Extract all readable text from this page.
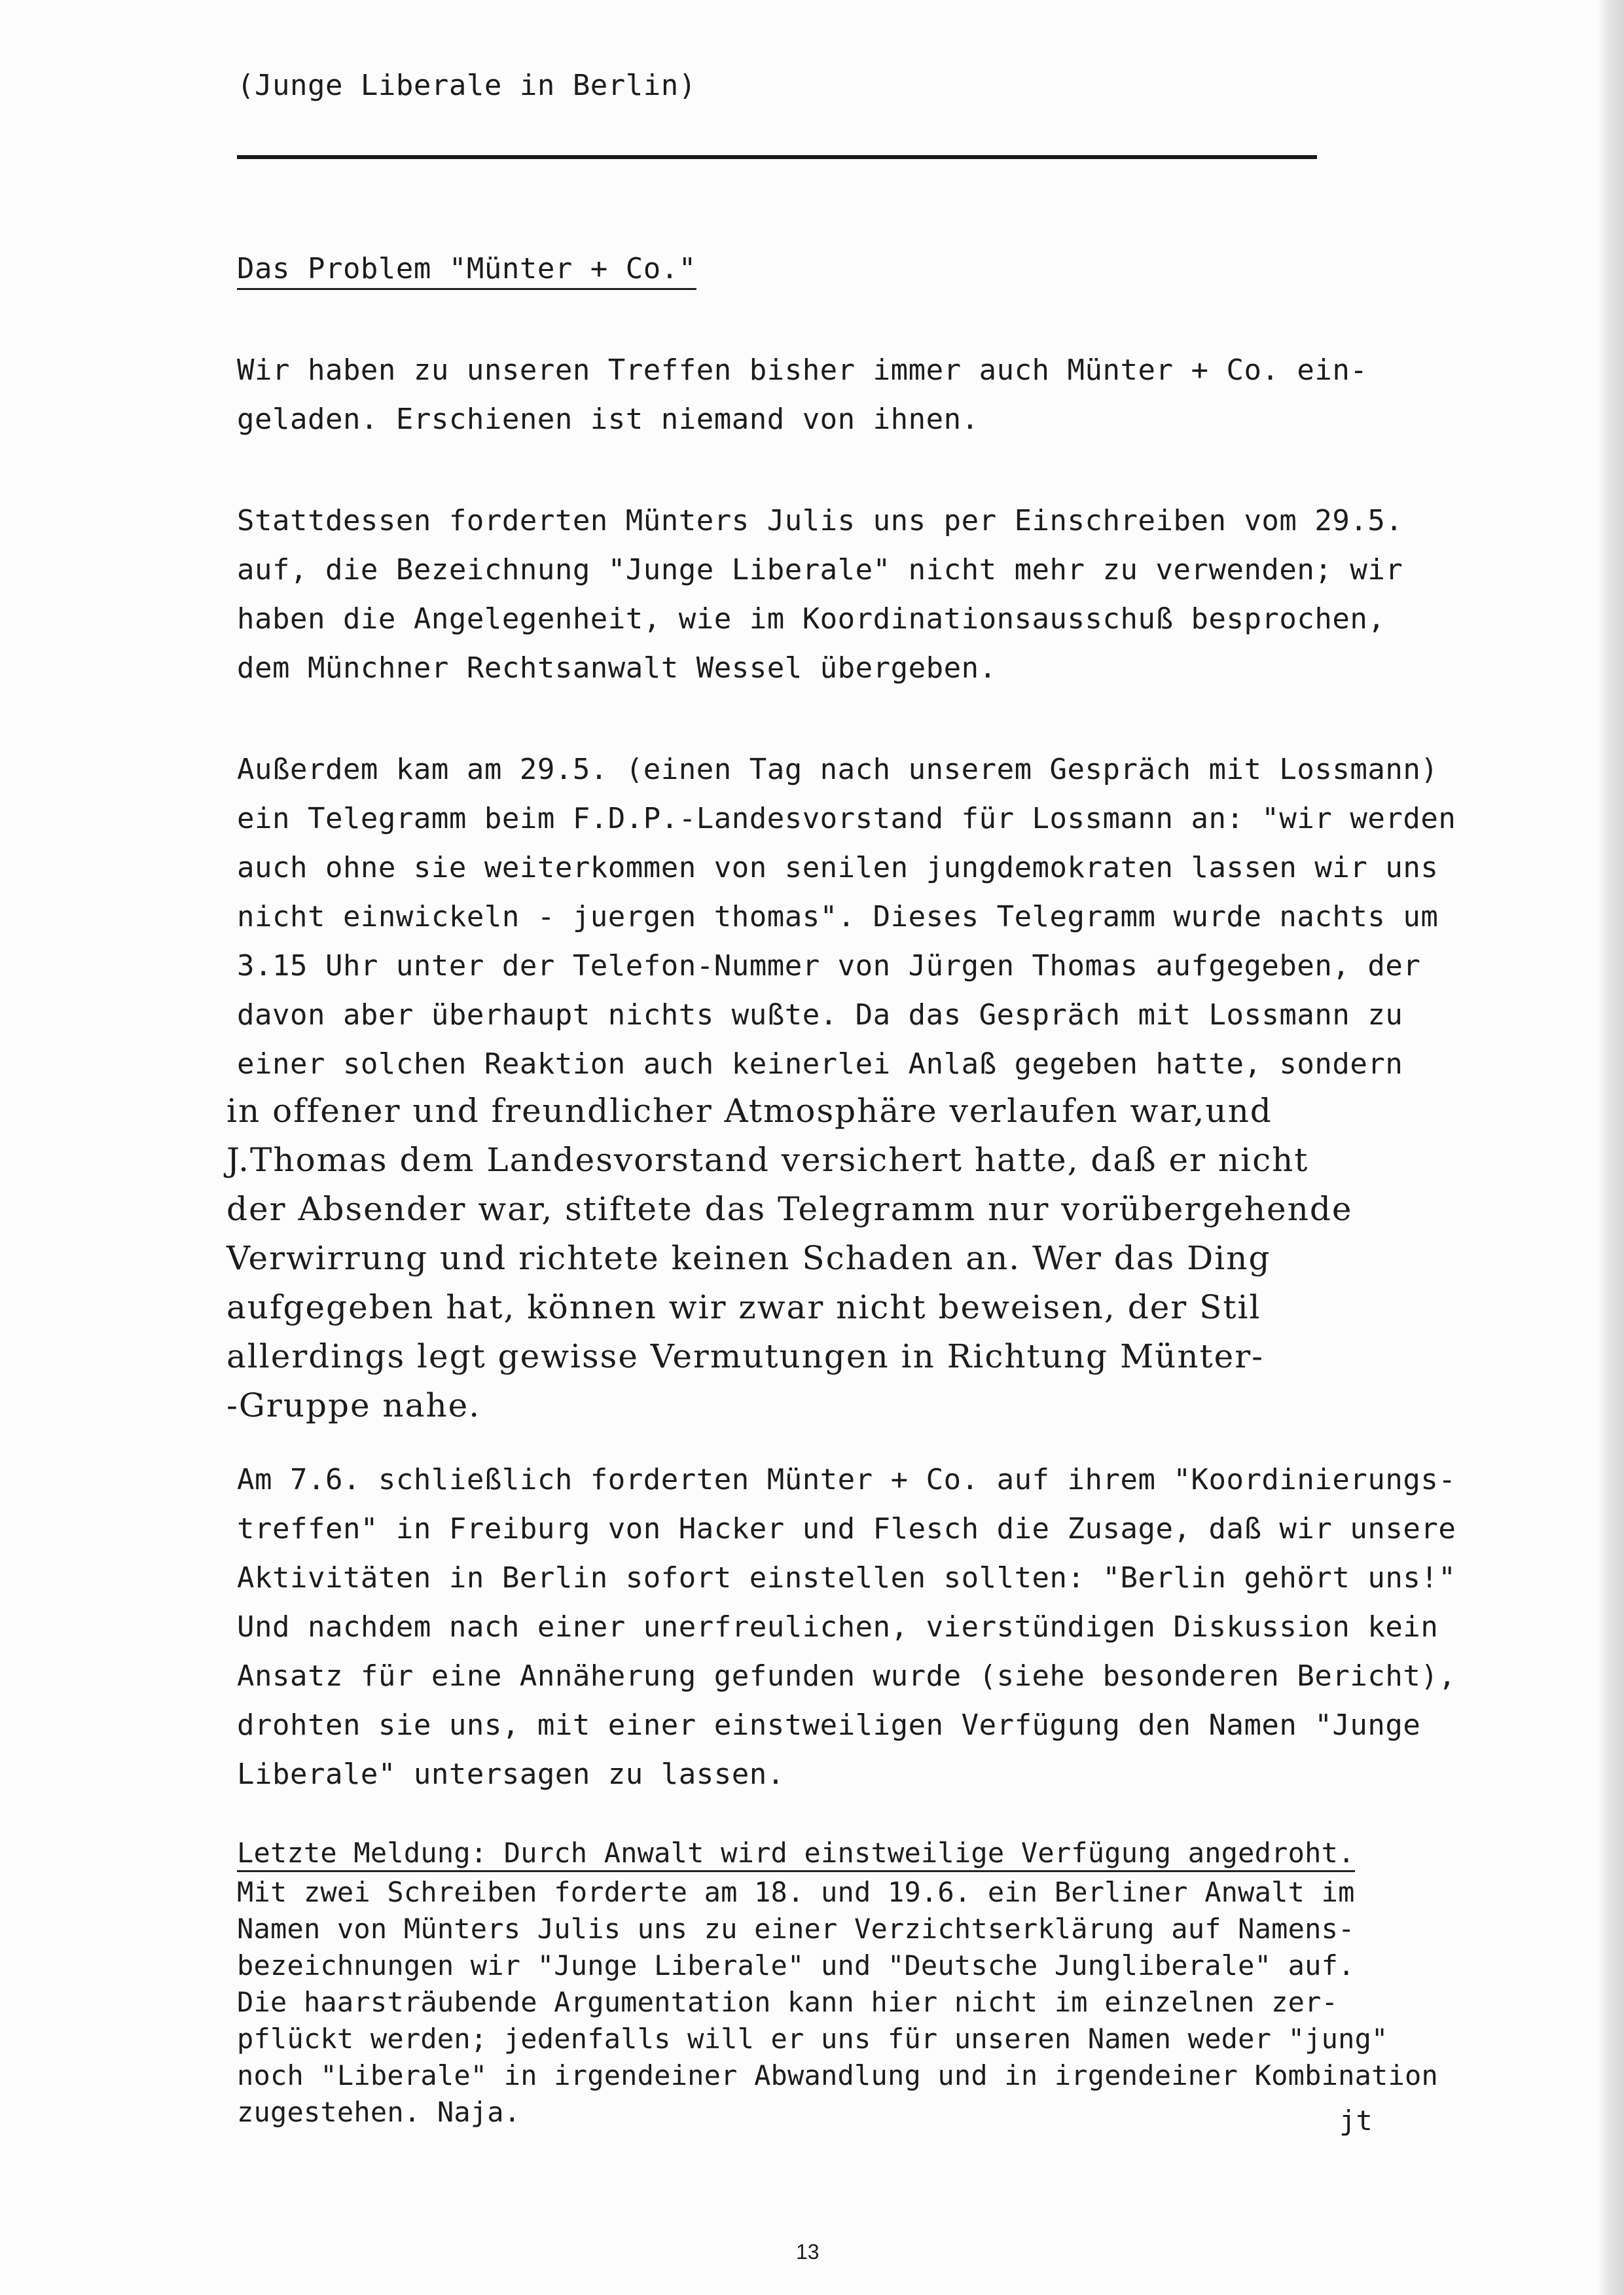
(Junge Liberale in Berlin)
Das Problem "Münter + Co."
Wir haben zu unseren Treffen bisher immer auch Münter + Co. ein-
geladen. Erschienen ist niemand von ihnen.
Stattdessen forderten Münters Julis uns per Einschreiben vom 29.5.
auf, die Bezeichnung "Junge Liberale" nicht mehr zu verwenden; wir
haben die Angelegenheit, wie im Koordinationsausschuß besprochen,
dem Münchner Rechtsanwalt Wessel übergeben.
Außerdem kam am 29.5. (einen Tag nach unserem Gespräch mit Lossmann)
ein Telegramm beim F.D.P.-Landesvorstand für Lossmann an: "wir werden
auch ohne sie weiterkommen von senilen jungdemokraten lassen wir uns
nicht einwickeln - juergen thomas". Dieses Telegramm wurde nachts um
3.15 Uhr unter der Telefon-Nummer von Jürgen Thomas aufgegeben, der
davon aber überhaupt nichts wußte. Da das Gespräch mit Lossmann zu
einer solchen Reaktion auch keinerlei Anlaß gegeben hatte, sondern
in offener und freundlicher Atmosphäre verlaufen war,und
J.Thomas dem Landesvorstand versichert hatte, daß er nicht
der Absender war, stiftete das Telegramm nur vorübergehende
Verwirrung und richtete keinen Schaden an. Wer das Ding
aufgegeben hat, können wir zwar nicht beweisen, der Stil
allerdings legt gewisse Vermutungen in Richtung Münter-
-Gruppe nahe.
Am 7.6. schließlich forderten Münter + Co. auf ihrem "Koordinierungs-
treffen" in Freiburg von Hacker und Flesch die Zusage, daß wir unsere
Aktivitäten in Berlin sofort einstellen sollten: "Berlin gehört uns!"
Und nachdem nach einer unerfreulichen, vierstündigen Diskussion kein
Ansatz für eine Annäherung gefunden wurde (siehe besonderen Bericht),
drohten sie uns, mit einer einstweiligen Verfügung den Namen "Junge
Liberale" untersagen zu lassen.
Letzte Meldung: Durch Anwalt wird einstweilige Verfügung angedroht.
Mit zwei Schreiben forderte am 18. und 19.6. ein Berliner Anwalt im
Namen von Münters Julis uns zu einer Verzichtserklärung auf Namens-
bezeichnungen wir "Junge Liberale" und "Deutsche Jungliberale" auf.
Die haarsträubende Argumentation kann hier nicht im einzelnen zer-
pflückt werden; jedenfalls will er uns für unseren Namen weder "jung"
noch "Liberale" in irgendeiner Abwandlung und in irgendeiner Kombination
zugestehen. Naja.	jt
13
